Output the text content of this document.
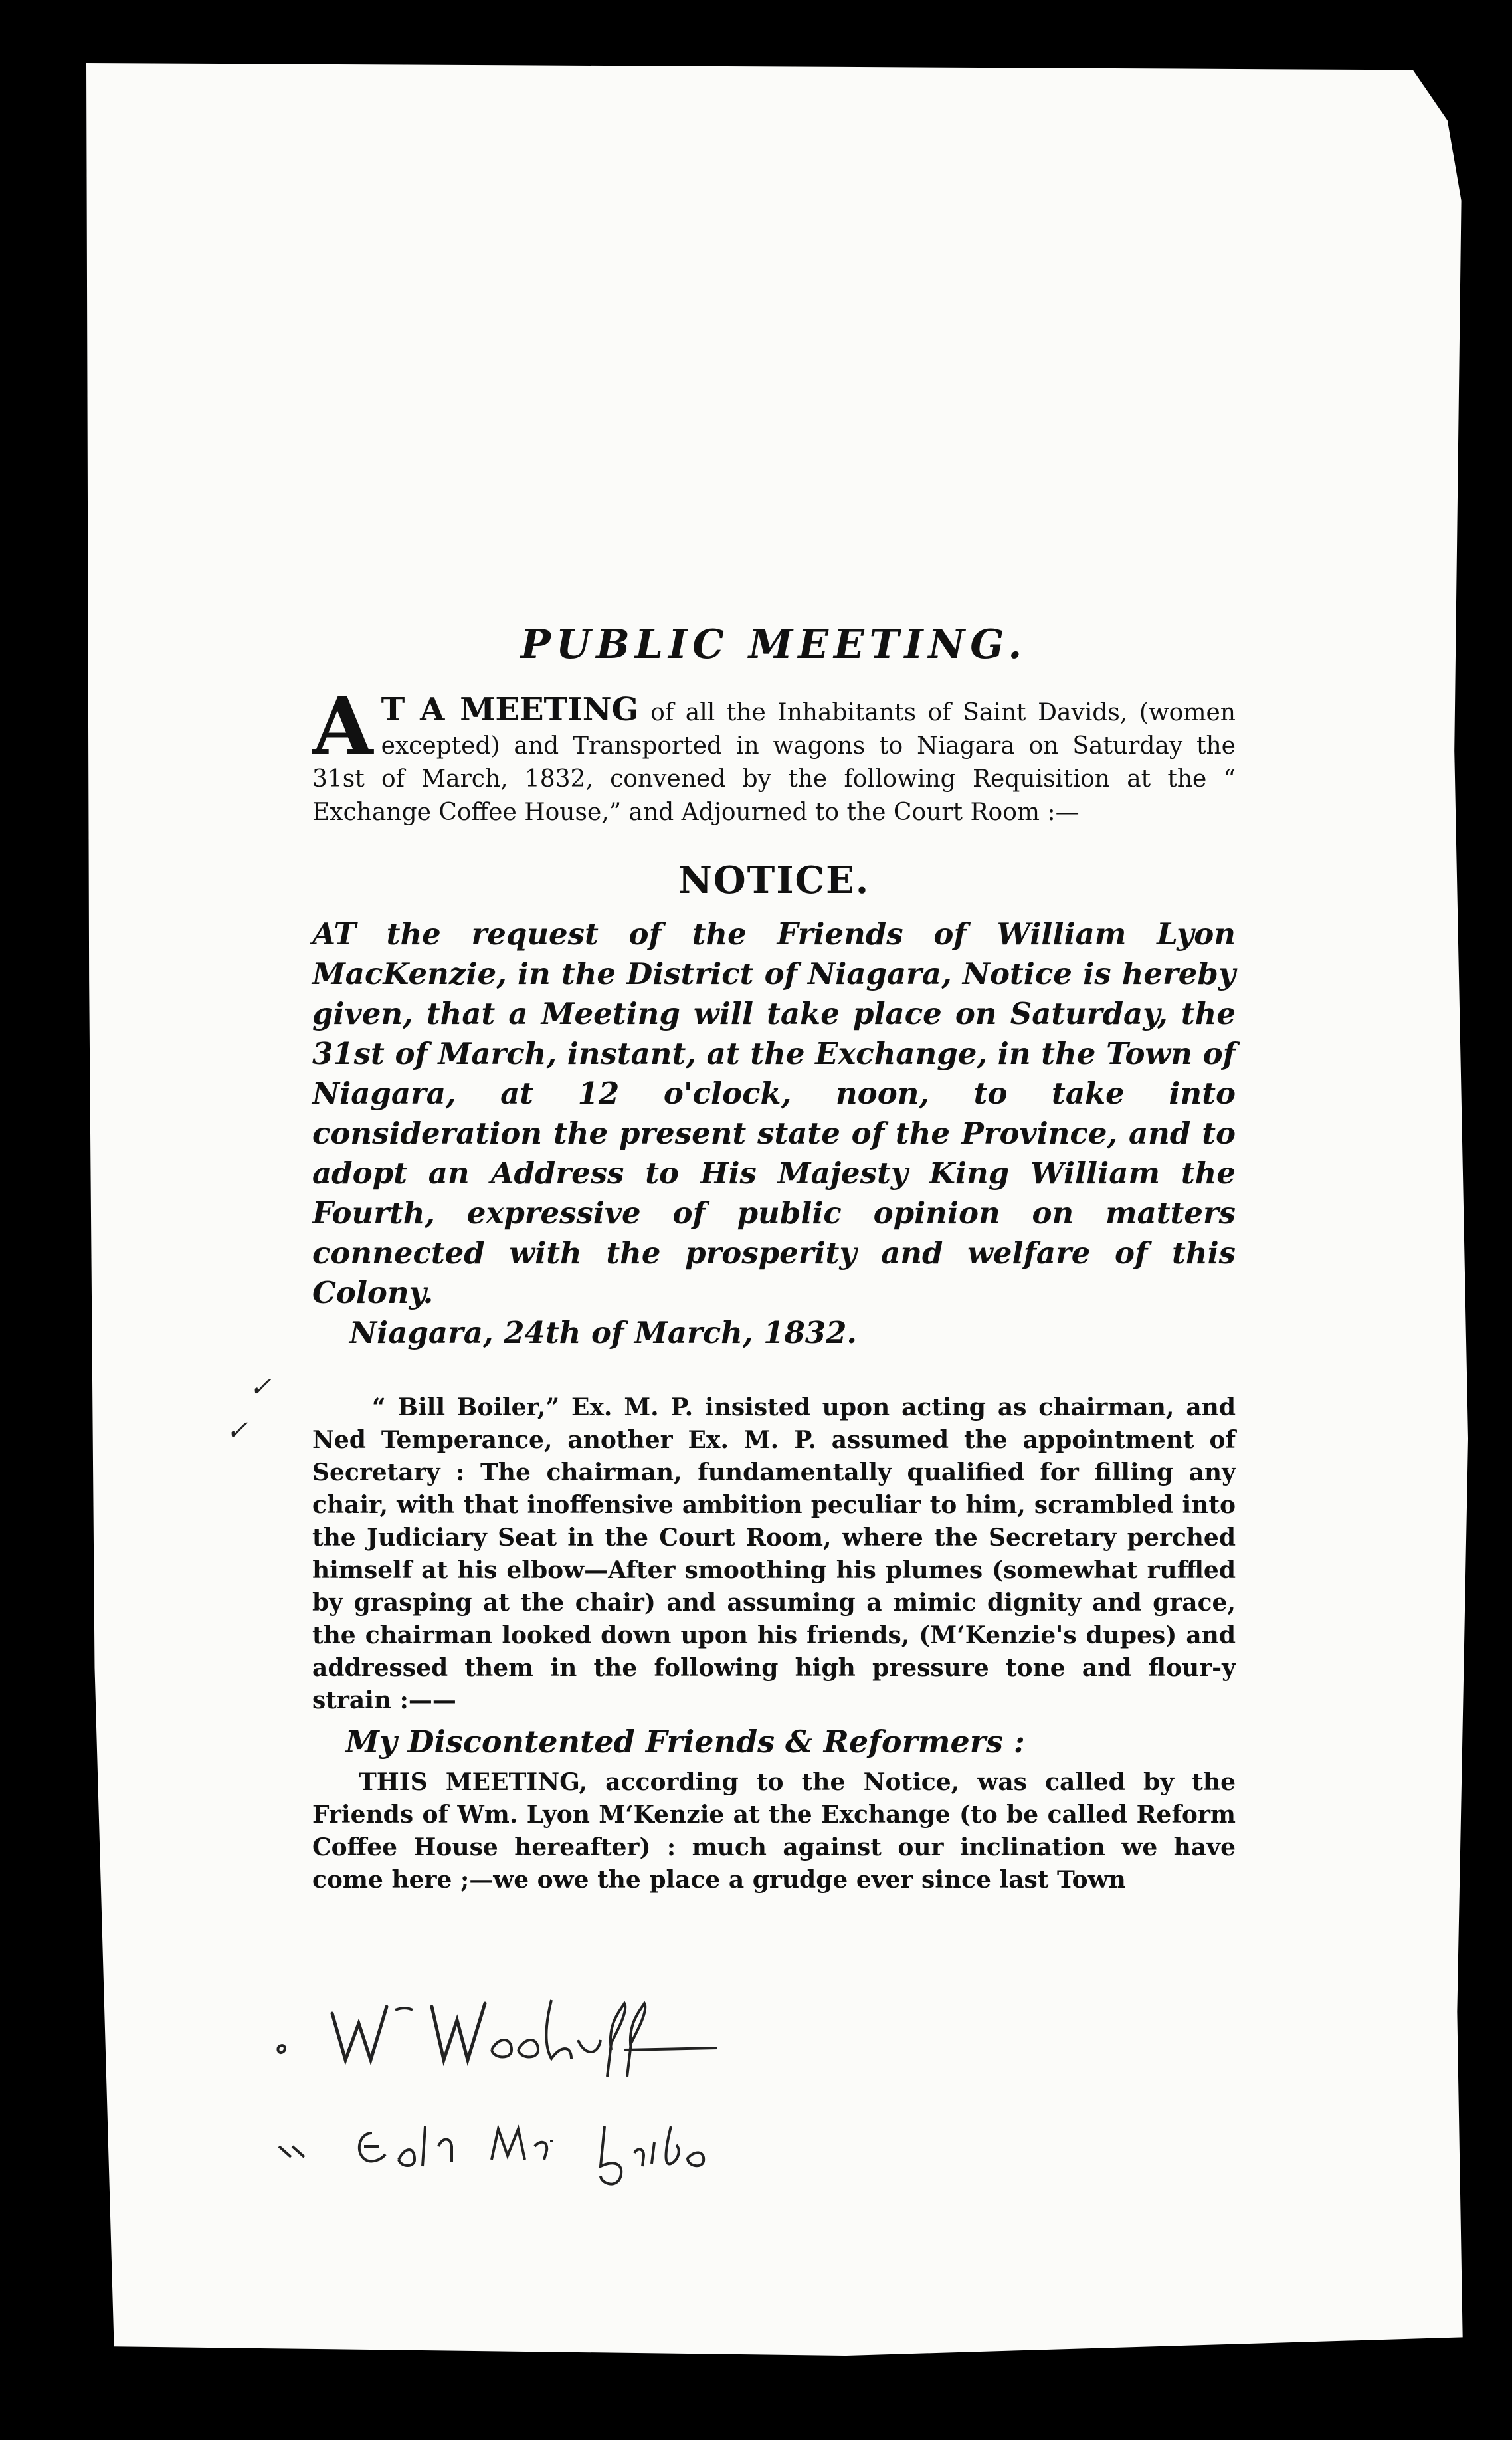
✓
✓
PUBLIC MEETING.

A T A MEETING of all the Inhabitants of Saint Davids, (women excepted) and Transported in wagons to Niagara on Saturday the 31st of March, 1832, convened by the following Requisition at the “ Exchange Coffee House,” and Adjourned to the Court Room :—

NOTICE.

AT the request of the Friends of William Lyon MacKenzie, in the District of Niagara, Notice is hereby given, that a Meeting will take place on Saturday, the 31st of March, instant, at the Exchange, in the Town of Niagara, at 12 o'clock, noon, to take into consideration the present state of the Province, and to adopt an Address to His Majesty King William the Fourth, expressive of public opinion on matters connected with the prosperity and welfare of this Colony.

Niagara, 24th of March, 1832.

“ Bill Boiler,” Ex. M. P. insisted upon acting as chairman, and Ned Temperance, another Ex. M. P. assumed the appointment of Secretary : The chairman, fundamentally qualified for filling any chair, with that inoffensive ambition peculiar to him, scrambled into the Judiciary Seat in the Court Room, where the Secretary perched himself at his elbow—After smoothing his plumes (somewhat ruffled by grasping at the chair) and assuming a mimic dignity and grace, the chairman looked down upon his friends, (M‘Kenzie's dupes) and addressed them in the following high pressure tone and flour-y strain :——

My Discontented Friends & Reformers :

THIS MEETING, according to the Notice, was called by the Friends of Wm. Lyon M‘Kenzie at the Exchange (to be called Reform Coffee House hereafter) : much against our inclination we have come here ;—we owe the place a grudge ever since last Town
